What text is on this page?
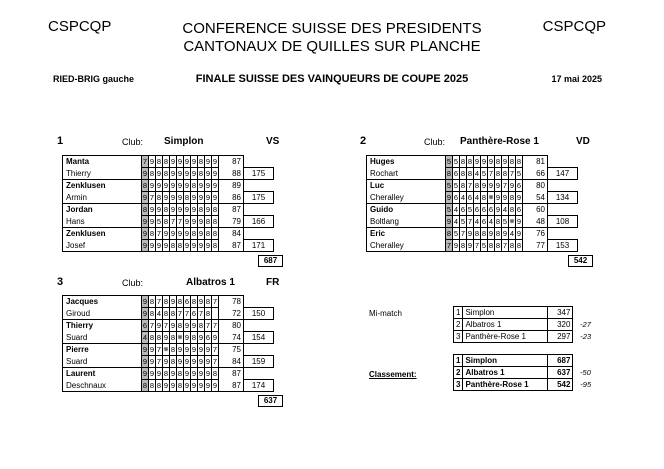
CSPCQP	CSPCQP
CONFERENCE SUISSE DES PRESIDENTS
CANTONAUX DE QUILLES SUR PLANCHE
RIED-BRIG gauche	FINALE SUISSE DES VAINQUEURS DE COUPE 2025	17 mai 2025
1	Club: Simplon	VS
Manta	7	9	8	8	9	9	9	9	8	9	9	87	
Thierry	9	8	9	8	9	9	9	9	8	9	9	88	175
Zenklusen	8	9	9	9	9	9	9	8	9	9	9	89	
Armin	9	7	8	9	9	9	8	9	9	9	9	86	175
Jordan	8	9	9	8	9	9	9	9	8	9	8	87	
Hans	9	9	5	8	7	7	9	9	9	8	8	79	166
Zenklusen	9	8	7	9	9	9	9	8	9	8	8	84	
Josef	9	9	9	9	8	8	9	9	9	9	8	87	171
687
2	Club: Panthère-Rose 1	VD
Huges	5	5	8	8	9	9	9	8	9	8	8	81	
Rochart	8	6	8	8	4	5	7	8	8	7	5	66	147
Luc	5	5	8	7	8	9	9	9	7	9	6	80	
Cheralley	9	6	4	6	4	8	⊗	9	9	8	9	54	134
Guido	5	4	6	5	6	6	6	9	4	8	6	60	
Boltlang	9	4	5	7	4	6	4	8	5	⊗	9	48	108
Eric	8	5	7	9	8	8	9	8	9	4	9	76	
Cheralley	7	9	8	9	7	5	8	8	7	8	8	77	153
542
3	Club:	Albatros 1	FR
Jacques	9	8	7	8	9	8	6	8	9	8	7	78	
Giroud	9	8	4	8	8	7	7	6	7	8		72	150
Thierry	6	7	9	7	9	8	9	9	8	7	7	80	
Suard	4	8	8	9	8	⊗	9	8	9	6	9	74	154
Pierre	9	9	7	⊗	8	9	9	9	9	9	7	75	
Suard	9	9	7	9	8	9	9	9	9	9	7	84	159
Laurent	9	9	9	8	9	8	9	9	9	9	8	87	
Deschnaux	8	8	8	9	9	8	9	9	9	9	9	87	174
637
Mi-match	1	Simplon	347	
2	Albatros 1	320	-27
3	Panthère-Rose 1	297	-23
Classement:
1	Simplon	687	
2	Albatros 1	637	-50
3	Panthère-Rose 1	542	-95
